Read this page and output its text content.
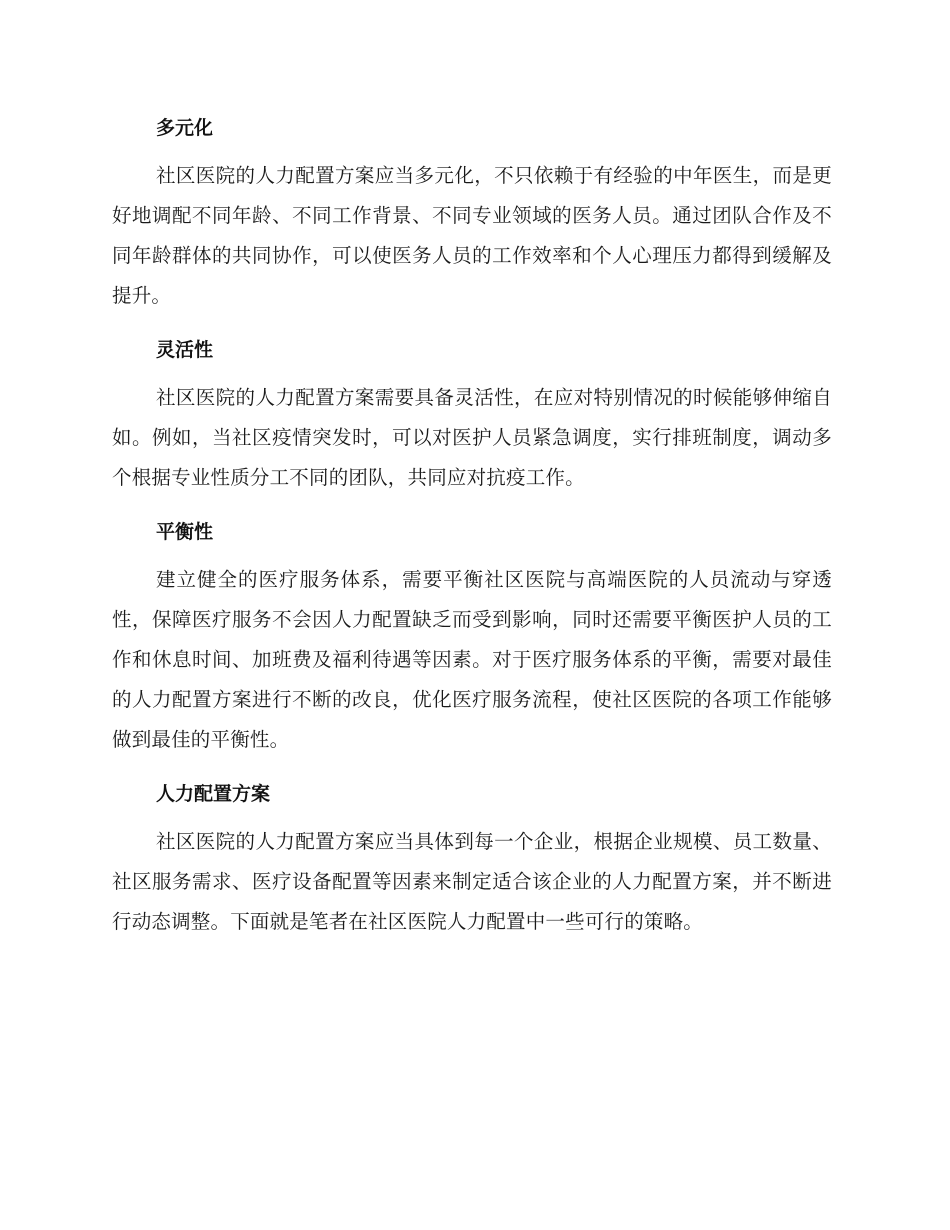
多元化

社区医院的人力配置方案应当多元化，不只依赖于有经验的中年医生，而是更好地调配不同年龄、不同工作背景、不同专业领域的医务人员。通过团队合作及不同年龄群体的共同协作，可以使医务人员的工作效率和个人心理压力都得到缓解及提升。

灵活性

社区医院的人力配置方案需要具备灵活性，在应对特别情况的时候能够伸缩自如。例如，当社区疫情突发时，可以对医护人员紧急调度，实行排班制度，调动多个根据专业性质分工不同的团队，共同应对抗疫工作。

平衡性

建立健全的医疗服务体系，需要平衡社区医院与高端医院的人员流动与穿透性，保障医疗服务不会因人力配置缺乏而受到影响，同时还需要平衡医护人员的工作和休息时间、加班费及福利待遇等因素。对于医疗服务体系的平衡，需要对最佳的人力配置方案进行不断的改良，优化医疗服务流程，使社区医院的各项工作能够做到最佳的平衡性。

人力配置方案

社区医院的人力配置方案应当具体到每一个企业，根据企业规模、员工数量、社区服务需求、医疗设备配置等因素来制定适合该企业的人力配置方案，并不断进行动态调整。下面就是笔者在社区医院人力配置中一些可行的策略。
